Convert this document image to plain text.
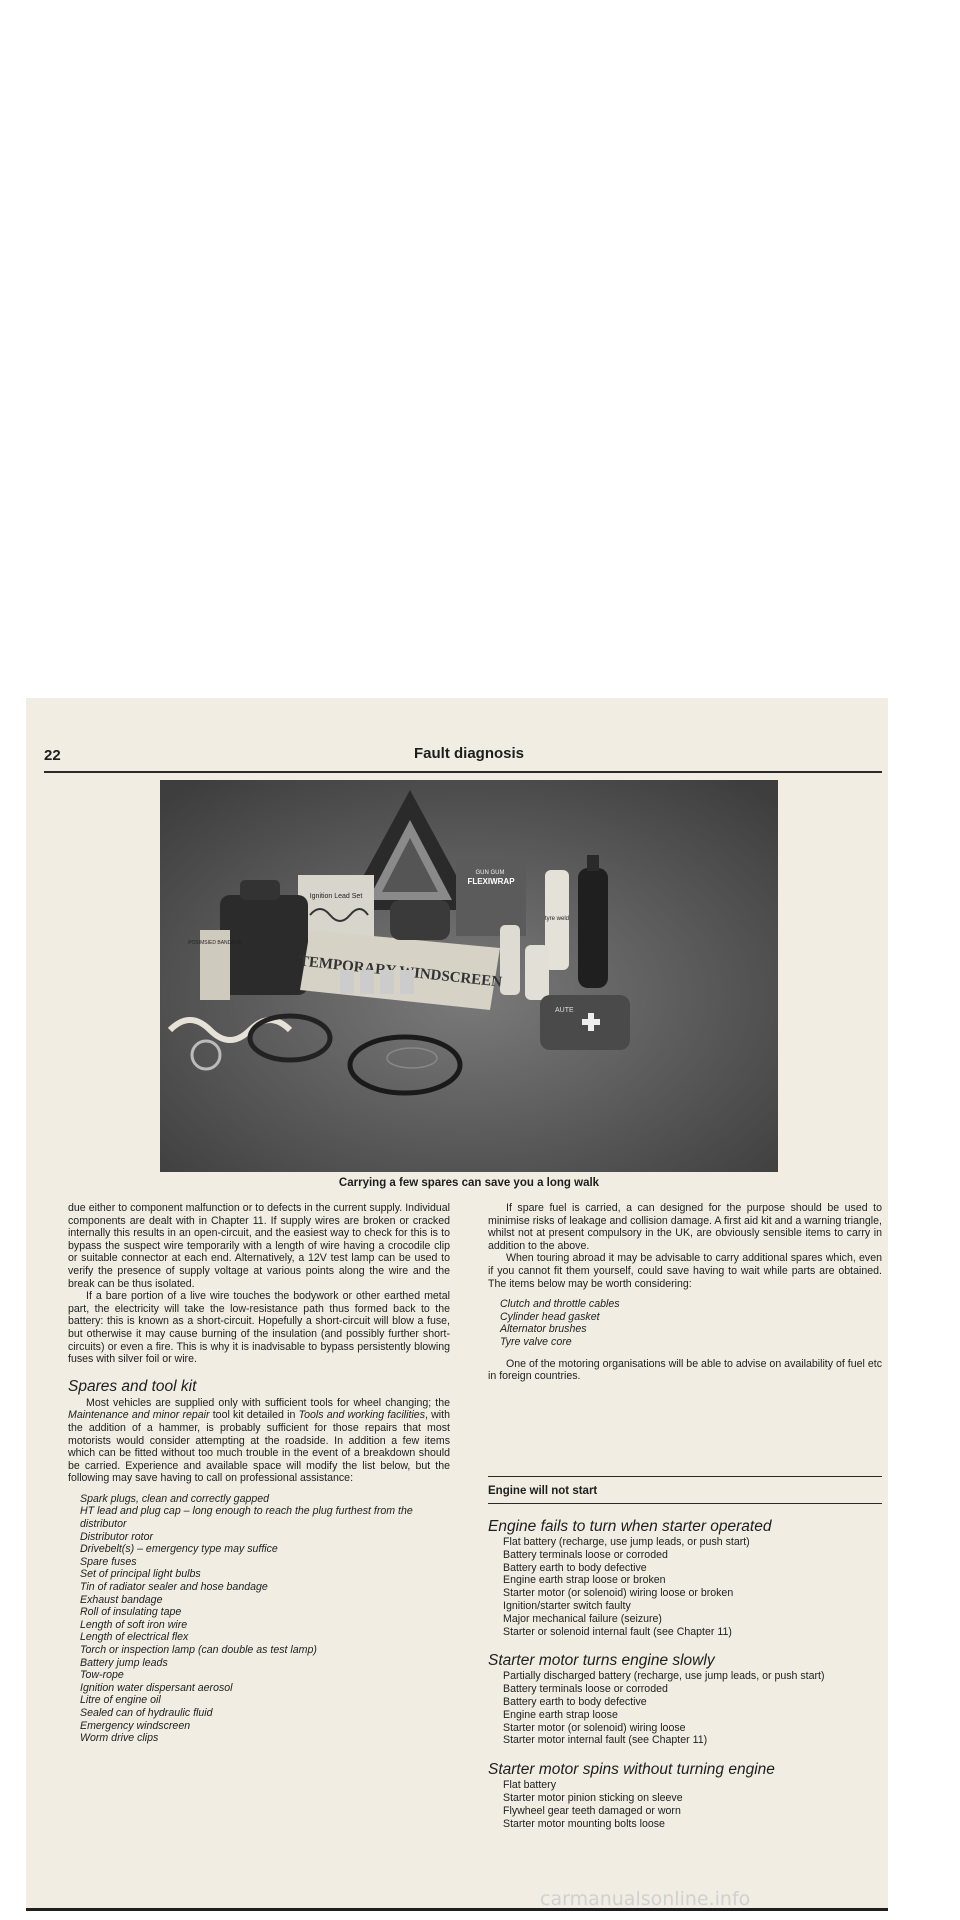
22	Fault diagnosis
Ignition Lead Set
POSIMSIED BANDAGE
GUN GUM
FLEXIWRAP
tyre weld
TEMPORARY WINDSCREEN
AUTE
Carrying a few spares can save you a long walk

due either to component malfunction or to defects in the current supply. Individual components are dealt with in Chapter 11. If supply wires are broken or cracked internally this results in an open-circuit, and the easiest way to check for this is to bypass the suspect wire temporarily with a length of wire having a crocodile clip or suitable connector at each end. Alternatively, a 12V test lamp can be used to verify the presence of supply voltage at various points along the wire and the break can be thus isolated.

If a bare portion of a live wire touches the bodywork or other earthed metal part, the electricity will take the low-resistance path thus formed back to the battery: this is known as a short-circuit. Hopefully a short-circuit will blow a fuse, but otherwise it may cause burning of the insulation (and possibly further short-circuits) or even a fire. This is why it is inadvisable to bypass persistently blowing fuses with silver foil or wire.

Spares and tool kit

Most vehicles are supplied only with sufficient tools for wheel changing; the Maintenance and minor repair tool kit detailed in Tools and working facilities, with the addition of a hammer, is probably sufficient for those repairs that most motorists would consider attempting at the roadside. In addition a few items which can be fitted without too much trouble in the event of a breakdown should be carried. Experience and available space will modify the list below, but the following may save having to call on professional assistance:

Spark plugs, clean and correctly gapped
HT lead and plug cap – long enough to reach the plug furthest from the distributor
Distributor rotor
Drivebelt(s) – emergency type may suffice
Spare fuses
Set of principal light bulbs
Tin of radiator sealer and hose bandage
Exhaust bandage
Roll of insulating tape
Length of soft iron wire
Length of electrical flex
Torch or inspection lamp (can double as test lamp)
Battery jump leads
Tow-rope
Ignition water dispersant aerosol
Litre of engine oil
Sealed can of hydraulic fluid
Emergency windscreen
Worm drive clips

If spare fuel is carried, a can designed for the purpose should be used to minimise risks of leakage and collision damage. A first aid kit and a warning triangle, whilst not at present compulsory in the UK, are obviously sensible items to carry in addition to the above.

When touring abroad it may be advisable to carry additional spares which, even if you cannot fit them yourself, could save having to wait while parts are obtained. The items below may be worth considering:

Clutch and throttle cables
Cylinder head gasket
Alternator brushes
Tyre valve core

One of the motoring organisations will be able to advise on availability of fuel etc in foreign countries.

Engine will not start
Engine fails to turn when starter operated
Flat battery (recharge, use jump leads, or push start)
Battery terminals loose or corroded
Battery earth to body defective
Engine earth strap loose or broken
Starter motor (or solenoid) wiring loose or broken
Ignition/starter switch faulty
Major mechanical failure (seizure)
Starter or solenoid internal fault (see Chapter 11)
Starter motor turns engine slowly
Partially discharged battery (recharge, use jump leads, or push start)
Battery terminals loose or corroded
Battery earth to body defective
Engine earth strap loose
Starter motor (or solenoid) wiring loose
Starter motor internal fault (see Chapter 11)
Starter motor spins without turning engine
Flat battery
Starter motor pinion sticking on sleeve
Flywheel gear teeth damaged or worn
Starter motor mounting bolts loose
carmanualsonline.info
